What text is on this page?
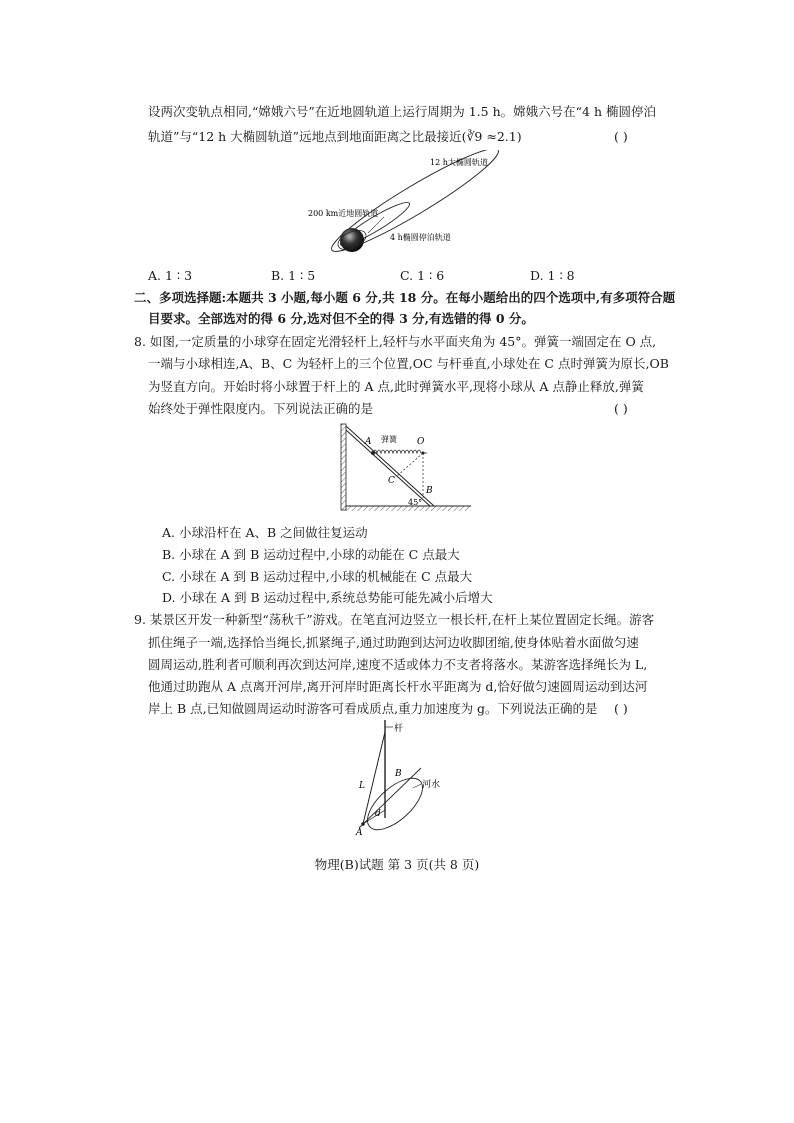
设两次变轨点相同,“嫦娥六号”在近地圆轨道上运行周期为 1.5 h。嫦娥六号在“4 h 椭圆停泊
轨道”与“12 h 大椭圆轨道”远地点到地面距离之比最接近(∛9 ≈2.1)	( )
12 h大椭圆轨道
200 km近地圆轨道
4 h椭圆停泊轨道
A. 1 ∶ 3	B. 1 ∶ 5	C. 1 ∶ 6	D. 1 ∶ 8
二、多项选择题:本题共 3 小题,每小题 6 分,共 18 分。在每小题给出的四个选项中,有多项符合题
目要求。全部选对的得 6 分,选对但不全的得 3 分,有选错的得 0 分。
8. 如图,一定质量的小球穿在固定光滑轻杆上,轻杆与水平面夹角为 45°。弹簧一端固定在 O 点,
一端与小球相连,A、B、C 为轻杆上的三个位置,OC 与杆垂直,小球处在 C 点时弹簧为原长,OB
为竖直方向。开始时将小球置于杆上的 A 点,此时弹簧水平,现将小球从 A 点静止释放,弹簧
始终处于弹性限度内。下列说法正确的是	( )
A 弹簧 O
C
B
45°
A. 小球沿杆在 A、B 之间做往复运动
B. 小球在 A 到 B 运动过程中,小球的动能在 C 点最大
C. 小球在 A 到 B 运动过程中,小球的机械能在 C 点最大
D. 小球在 A 到 B 运动过程中,系统总势能可能先减小后增大
9. 某景区开发一种新型“荡秋千”游戏。在笔直河边竖立一根长杆,在杆上某位置固定长绳。游客
抓住绳子一端,选择恰当绳长,抓紧绳子,通过助跑到达河边收脚团缩,使身体贴着水面做匀速
圆周运动,胜利者可顺利再次到达河岸,速度不适或体力不支者将落水。某游客选择绳长为 L,
他通过助跑从 A 点离开河岸,离开河岸时距离长杆水平距离为 d,恰好做匀速圆周运动到达河
岸上 B 点,已知做圆周运动时游客可看成质点,重力加速度为 g。下列说法正确的是 ( )
杆
L
d
B
河水
A
物理(B)试题 第 3 页(共 8 页)
